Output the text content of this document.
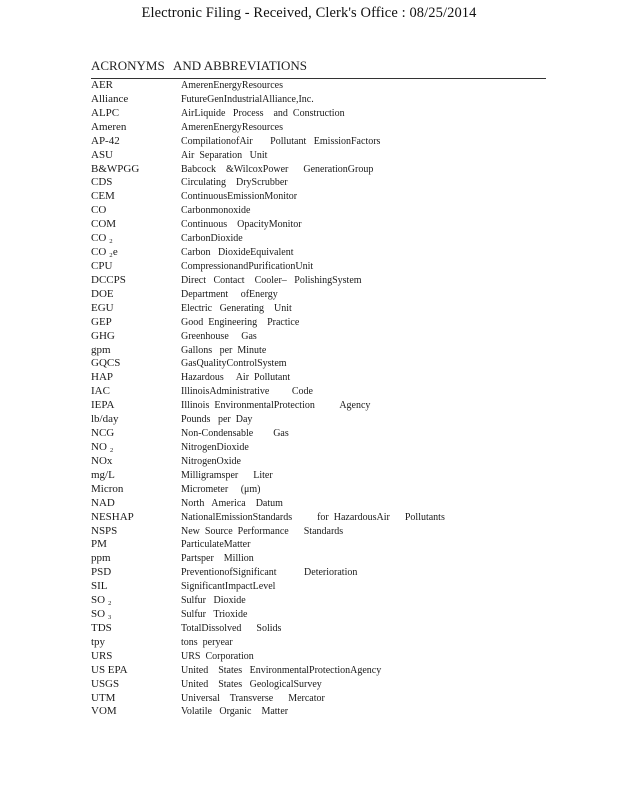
Electronic Filing - Received, Clerk's Office : 08/25/2014
ACRONYMS AND ABBREVIATIONS
AER	AmerenEnergyResources
Alliance	FutureGenIndustrialAlliance,Inc.
ALPC	AirLiquide   Process    and  Construction
Ameren	AmerenEnergyResources
AP-42	CompilationofAir       Pollutant   EmissionFactors
ASU	Air  Separation   Unit
B&WPGG	Babcock    &WilcoxPower      GenerationGroup
CDS	Circulating    DryScrubber
CEM	ContinuousEmissionMonitor
CO	Carbonmonoxide
COM	Continuous    OpacityMonitor
CO ₂	CarbonDioxide
CO ₂e	Carbon   DioxideEquivalent
CPU	CompressionandPurificationUnit
DCCPS	Direct   Contact    Cooler–   PolishingSystem
DOE	Department     ofEnergy
EGU	Electric   Generating    Unit
GEP	Good  Engineering    Practice
GHG	Greenhouse     Gas
gpm	Gallons   per  Minute
GQCS	GasQualityControlSystem
HAP	Hazardous     Air  Pollutant
IAC	IllinoisAdministrative         Code
IEPA	Illinois  EnvironmentalProtection          Agency
lb/day	Pounds   per  Day
NCG	Non-Condensable        Gas
NO ₂	NitrogenDioxide
NOx	NitrogenOxide
mg/L	Milligramsper      Liter
Micron	Micrometer     (μm)
NAD	North   America    Datum
NESHAP	NationalEmissionStandards          for  HazardousAir      Pollutants
NSPS	New  Source  Performance      Standards
PM	ParticulateMatter
ppm	Partsper    Million
PSD	PreventionofSignificant           Deterioration
SIL	SignificantImpactLevel
SO ₂	Sulfur   Dioxide
SO ₃	Sulfur   Trioxide
TDS	TotalDissolved      Solids
tpy	tons  peryear
URS	URS  Corporation
US EPA	United    States   EnvironmentalProtectionAgency
USGS	United    States   GeologicalSurvey
UTM	Universal    Transverse      Mercator
VOM	Volatile   Organic    Matter
